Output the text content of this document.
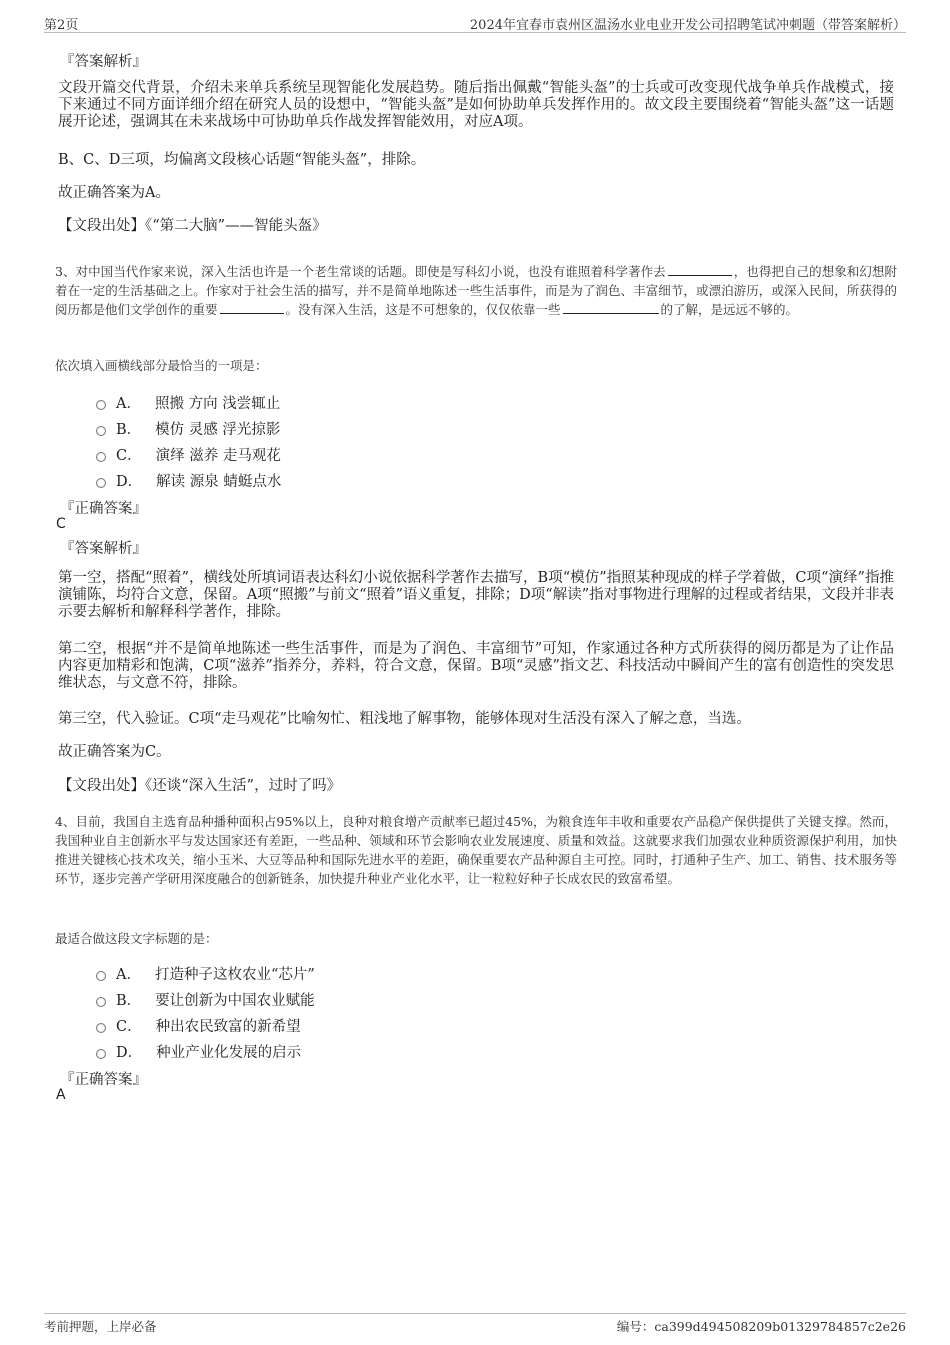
第2页	2024年宜春市袁州区温汤水业电业开发公司招聘笔试冲刺题（带答案解析）
『答案解析』
文段开篇交代背景，介绍未来单兵系统呈现智能化发展趋势。随后指出佩戴“智能头盔”的士兵或可改变现代战争单兵作战模式，接下来通过不同方面详细介绍在研究人员的设想中，“智能头盔”是如何协助单兵发挥作用的。故文段主要围绕着“智能头盔”这一话题展开论述，强调其在未来战场中可协助单兵作战发挥智能效用，对应A项。
B、C、D三项，均偏离文段核心话题“智能头盔”，排除。
故正确答案为A。
【文段出处】《“第二大脑”——智能头盔》
3、对中国当代作家来说，深入生活也许是一个老生常谈的话题。即使是写科幻小说，也没有谁照着科学著作去	，也得把自己的想象和幻想附着在一定的生活基础之上。作家对于社会生活的描写，并不是简单地陈述一些生活事件，而是为了润色、丰富细节，或漂泊游历，或深入民间，所获得的阅历都是他们文学创作的重要	。没有深入生活，这是不可想象的，仅仅依靠一些	的了解，是远远不够的。
依次填入画横线部分最恰当的一项是：
A． 照搬 方向 浅尝辄止
B． 模仿 灵感 浮光掠影
C． 演绎 滋养 走马观花
D． 解读 源泉 蜻蜓点水
『正确答案』
C
『答案解析』
第一空，搭配“照着”，横线处所填词语表达科幻小说依据科学著作去描写，B项“模仿”指照某种现成的样子学着做，C项“演绎”指推演铺陈，均符合文意，保留。A项“照搬”与前文“照着”语义重复，排除；D项“解读”指对事物进行理解的过程或者结果，文段并非表示要去解析和解释科学著作，排除。
第二空，根据“并不是简单地陈述一些生活事件，而是为了润色、丰富细节”可知，作家通过各种方式所获得的阅历都是为了让作品内容更加精彩和饱满，C项“滋养”指养分，养料，符合文意，保留。B项“灵感”指文艺、科技活动中瞬间产生的富有创造性的突发思维状态，与文意不符，排除。
第三空，代入验证。C项“走马观花”比喻匆忙、粗浅地了解事物，能够体现对生活没有深入了解之意，当选。
故正确答案为C。
【文段出处】《还谈“深入生活”，过时了吗》
4、目前，我国自主选育品种播种面积占95%以上，良种对粮食增产贡献率已超过45%，为粮食连年丰收和重要农产品稳产保供提供了关键支撑。然而，我国种业自主创新水平与发达国家还有差距，一些品种、领域和环节会影响农业发展速度、质量和效益。这就要求我们加强农业种质资源保护利用，加快推进关键核心技术攻关，缩小玉米、大豆等品种和国际先进水平的差距，确保重要农产品种源自主可控。同时，打通种子生产、加工、销售、技术服务等环节，逐步完善产学研用深度融合的创新链条，加快提升种业产业化水平，让一粒粒好种子长成农民的致富希望。
最适合做这段文字标题的是：
A． 打造种子这枚农业“芯片”
B． 要让创新为中国农业赋能
C． 种出农民致富的新希望
D． 种业产业化发展的启示
『正确答案』
A
考前押题，上岸必备	编号：ca399d494508209b01329784857c2e26
